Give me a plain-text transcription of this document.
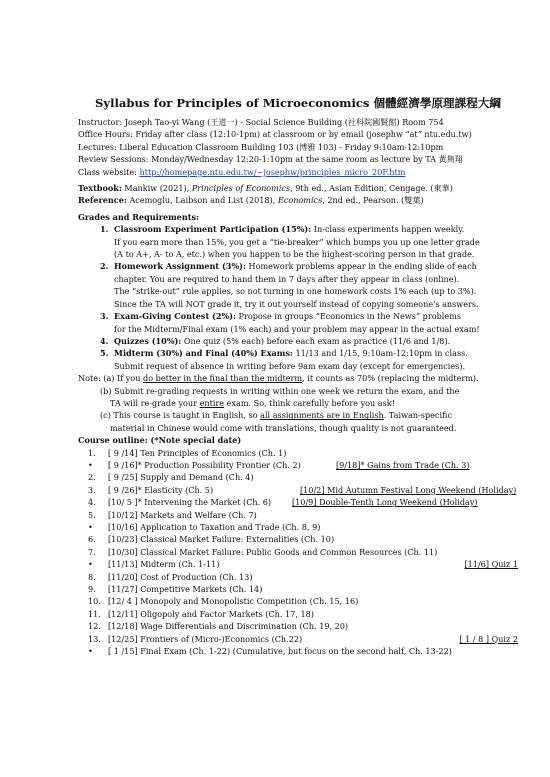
Syllabus for Principles of Microeconomics 個體經濟學原理課程大綱
Instructor: Joseph Tao-yi Wang (王道一) - Social Science Building (社科院國賢館) Room 754
Office Hours: Friday after class (12:10-1pm) at classroom or by email (josephw “at” ntu.edu.tw)
Lectures: Liberal Education Classroom Building 103 (博雅 103) - Friday 9:10am-12:10pm
Review Sessions: Monday/Wednesday 12:20-1:10pm at the same room as lecture by TA 黃雋翔
Class website: http://homepage.ntu.edu.tw/~josephw/principles_micro_20F.htm
Textbook: Mankiw (2021), Principles of Economics, 9th ed., Asian Edition, Cengage. (東華)
Reference: Acemoglu, Laibson and List (2018), Economics, 2nd ed., Pearson. (雙葉)
Grades and Requirements:
1. Classroom Experiment Participation (15%): In-class experiments happen weekly.
If you earn more than 15%, you get a “tie-breaker” which bumps you up one letter grade
(A to A+, A- to A, etc.) when you happen to be the highest-scoring person in that grade.
2. Homework Assignment (3%): Homework problems appear in the ending slide of each
chapter. You are required to hand them in 7 days after they appear in class (online).
The “strike-out” rule applies, so not turning in one homework costs 1% each (up to 3%).
Since the TA will NOT grade it, try it out yourself instead of copying someone's answers.
3. Exam-Giving Contest (2%): Propose in groups “Economics in the News” problems
for the Midterm/Final exam (1% each) and your problem may appear in the actual exam!
4. Quizzes (10%): One quiz (5% each) before each exam as practice (11/6 and 1/8).
5. Midterm (30%) and Final (40%) Exams: 11/13 and 1/15, 9:10am-12:10pm in class.
Submit request of absence in writing before 9am exam day (except for emergencies).
Note: (a) If you do better in the final than the midterm, it counts as 70% (replacing the midterm).
(b) Submit re-grading requests in writing within one week we return the exam, and the
TA will re-grade your entire exam. So, think carefully before you ask!
(c) This course is taught in English, so all assignments are in English. Taiwan-specific
material in Chinese would come with translations, though quality is not guaranteed.
Course outline: (*Note special date)
1. [ 9 /14] Ten Principles of Economics (Ch. 1)
• [ 9 /16]* Production Possibility Frontier (Ch. 2)	[9/18]* Gains from Trade (Ch. 3)
2. [ 9 /25] Supply and Demand (Ch. 4)
3. [ 9 /26]* Elasticity (Ch. 5)	[10/2] Mid Autumn Festival Long Weekend (Holiday)
4. [10/ 5 ]* Intervening the Market (Ch. 6)	[10/9] Double-Tenth Long Weekend (Holiday)
5. [10/12] Markets and Welfare (Ch. 7)
• [10/16] Application to Taxation and Trade (Ch. 8, 9)
6. [10/23] Classical Market Failure: Externalities (Ch. 10)
7. [10/30] Classical Market Failure: Public Goods and Common Resources (Ch. 11)
• [11/13] Midterm (Ch. 1-11)	[11/6] Quiz 1
8. [11/20] Cost of Production (Ch. 13)
9. [11/27] Competitive Markets (Ch. 14)
10. [12/ 4 ] Monopoly and Monopolistic Competition (Ch. 15, 16)
11. [12/11] Oligopoly and Factor Markets (Ch. 17, 18)
12. [12/18] Wage Differentials and Discrimination (Ch. 19, 20)
13. [12/25] Frontiers of (Micro-)Economics (Ch.22)	[ 1 / 8 ] Quiz 2
• [ 1 /15] Final Exam (Ch. 1-22) (Cumulative, but focus on the second half, Ch. 13-22)
